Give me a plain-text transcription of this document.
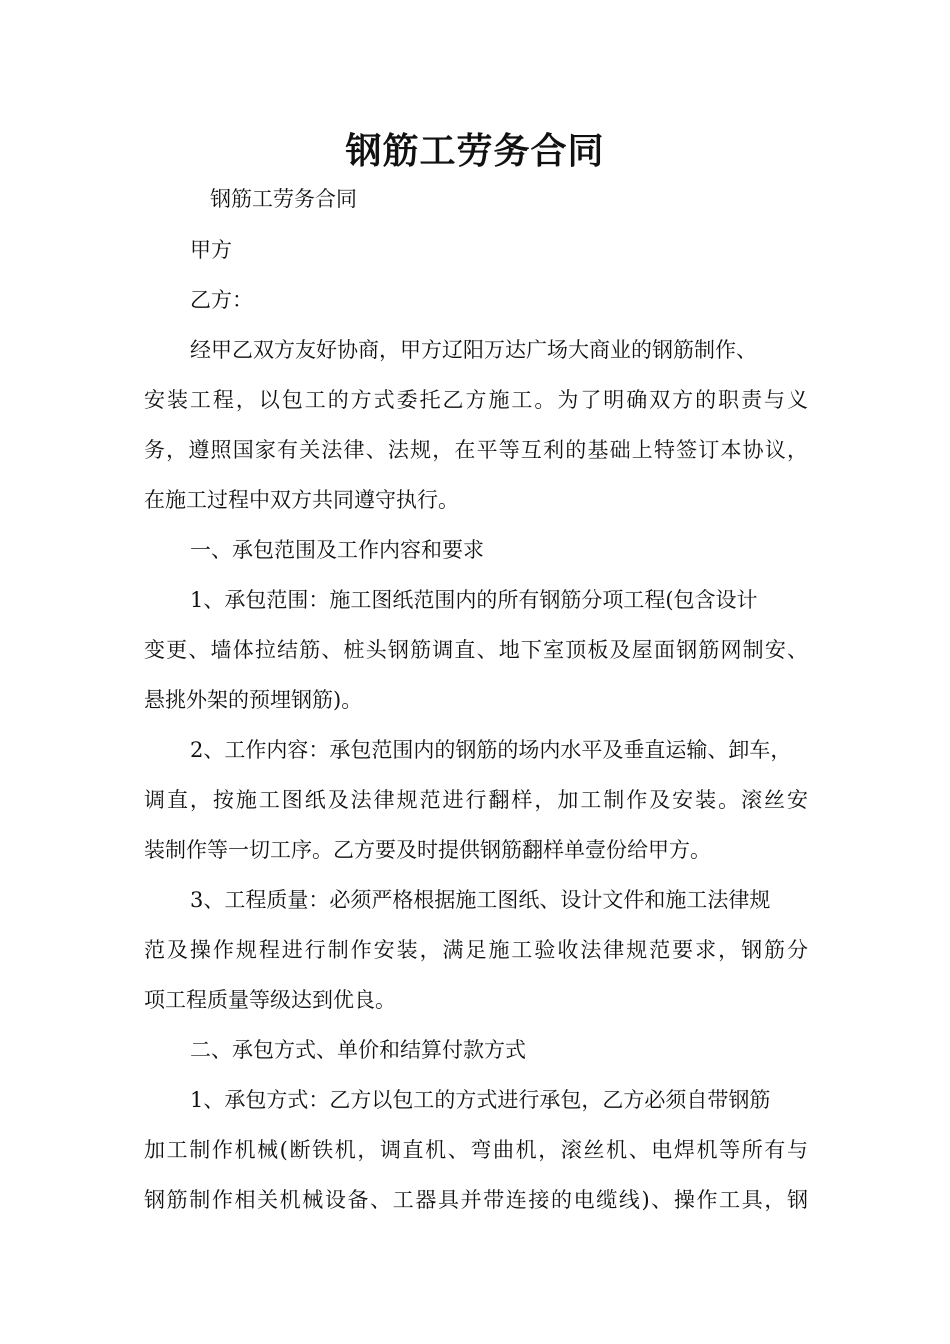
钢筋工劳务合同
钢筋工劳务合同
甲方
乙方：
经甲乙双方友好协商，甲方辽阳万达广场大商业的钢筋制作、
安装工程，以包工的方式委托乙方施工。为了明确双方的职责与义
务，遵照国家有关法律、法规，在平等互利的基础上特签订本协议，
在施工过程中双方共同遵守执行。
一、承包范围及工作内容和要求
1、承包范围：施工图纸范围内的所有钢筋分项工程(包含设计
变更、墙体拉结筋、桩头钢筋调直、地下室顶板及屋面钢筋网制安、
悬挑外架的预埋钢筋)。
2、工作内容：承包范围内的钢筋的场内水平及垂直运输、卸车，
调直，按施工图纸及法律规范进行翻样，加工制作及安装。滚丝安
装制作等一切工序。乙方要及时提供钢筋翻样单壹份给甲方。
3、工程质量：必须严格根据施工图纸、设计文件和施工法律规
范及操作规程进行制作安装，满足施工验收法律规范要求，钢筋分
项工程质量等级达到优良。
二、承包方式、单价和结算付款方式
1、承包方式：乙方以包工的方式进行承包，乙方必须自带钢筋
加工制作机械(断铁机，调直机、弯曲机，滚丝机、电焊机等所有与
钢筋制作相关机械设备、工器具并带连接的电缆线)、操作工具，钢
